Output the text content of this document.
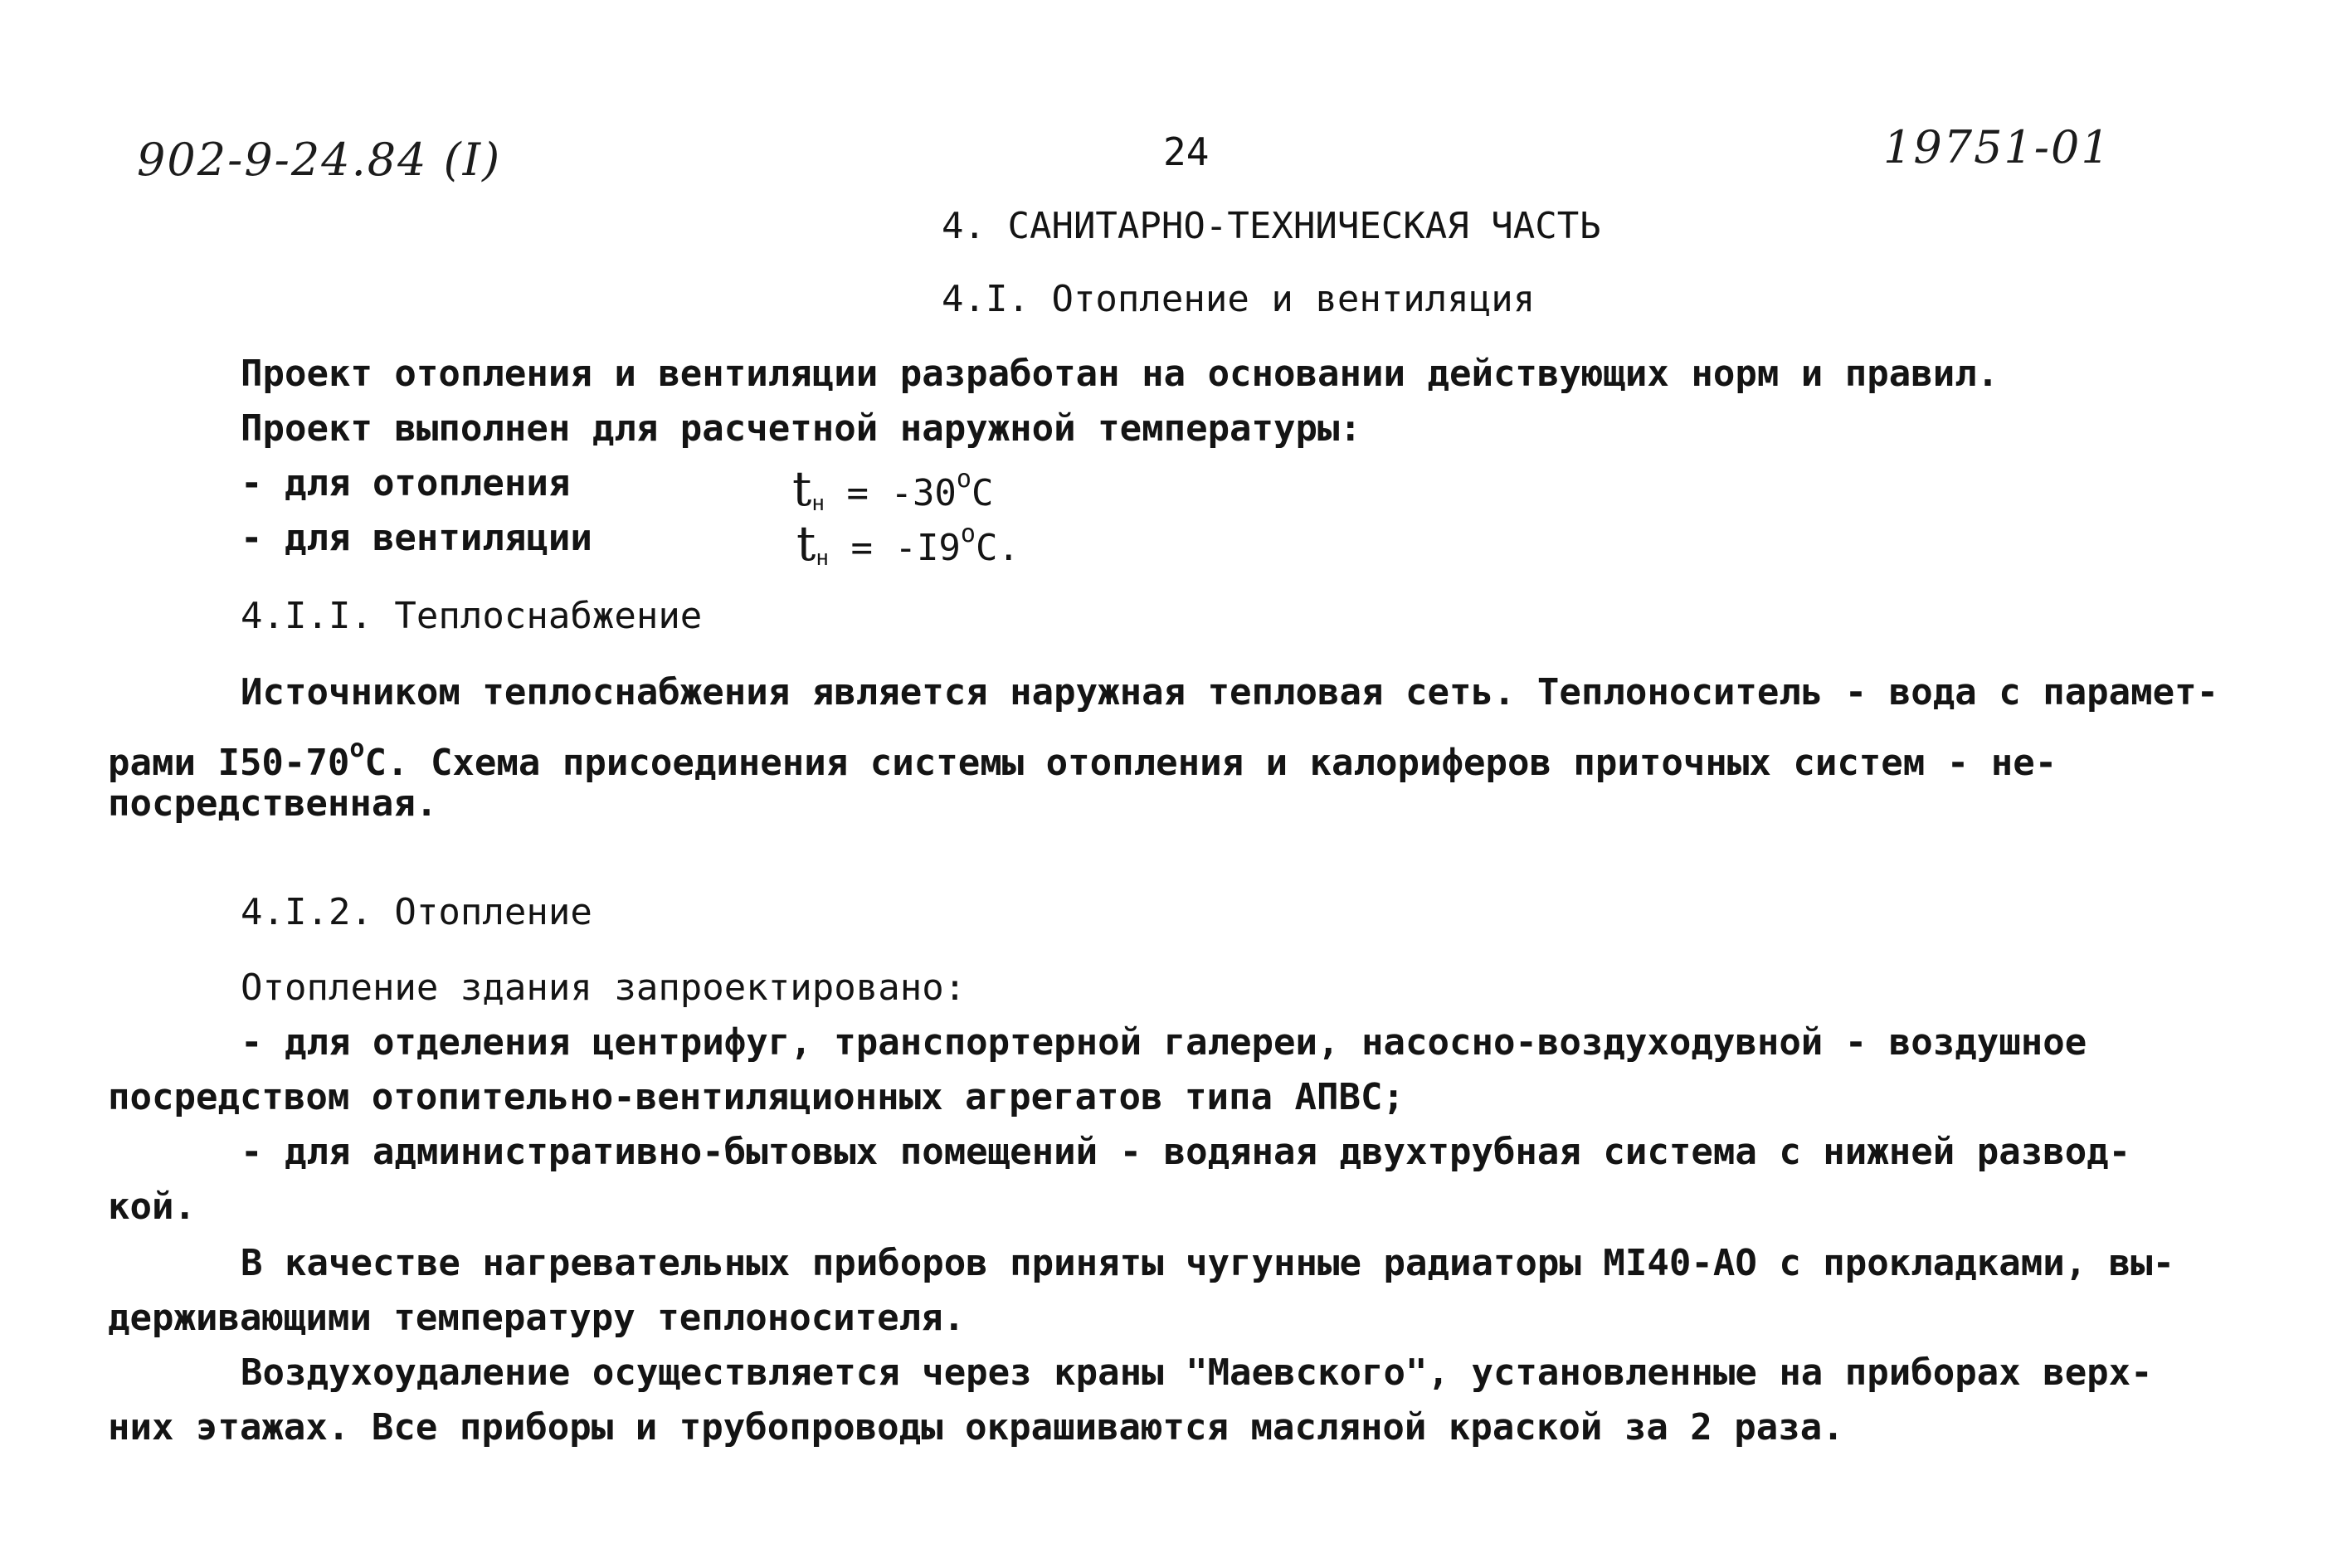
902-9-24.84 (I)	24	19751-01
4. САНИТАРНО-ТЕХНИЧЕСКАЯ ЧАСТЬ
4.I. Отопление и вентиляция
Проект отопления и вентиляции разработан на основании действующих норм и правил.
Проект выполнен для расчетной наружной температуры:
- для отопления	$t_н = -30^oC$
- для вентиляции	$t_н = -I9^oC$.
4.I.I. Теплоснабжение
Источником теплоснабжения является наружная тепловая сеть. Теплоноситель - вода с парамет-
рами I50-70$^o$С. Схема присоединения системы отопления и калориферов приточных систем - не-
посредственная.
4.I.2. Отопление
Отопление здания запроектировано:
- для отделения центрифуг, транспортерной галереи, насосно-воздуходувной - воздушное
посредством отопительно-вентиляционных агрегатов типа АПВС;
- для административно-бытовых помещений - водяная двухтрубная система с нижней развод-
кой.
В качестве нагревательных приборов приняты чугунные радиаторы МI40-АО с прокладками, вы-
держивающими температуру теплоносителя.
Воздухоудаление осуществляется через краны "Маевского", установленные на приборах верх-
них этажах. Все приборы и трубопроводы окрашиваются масляной краской за 2 раза.
